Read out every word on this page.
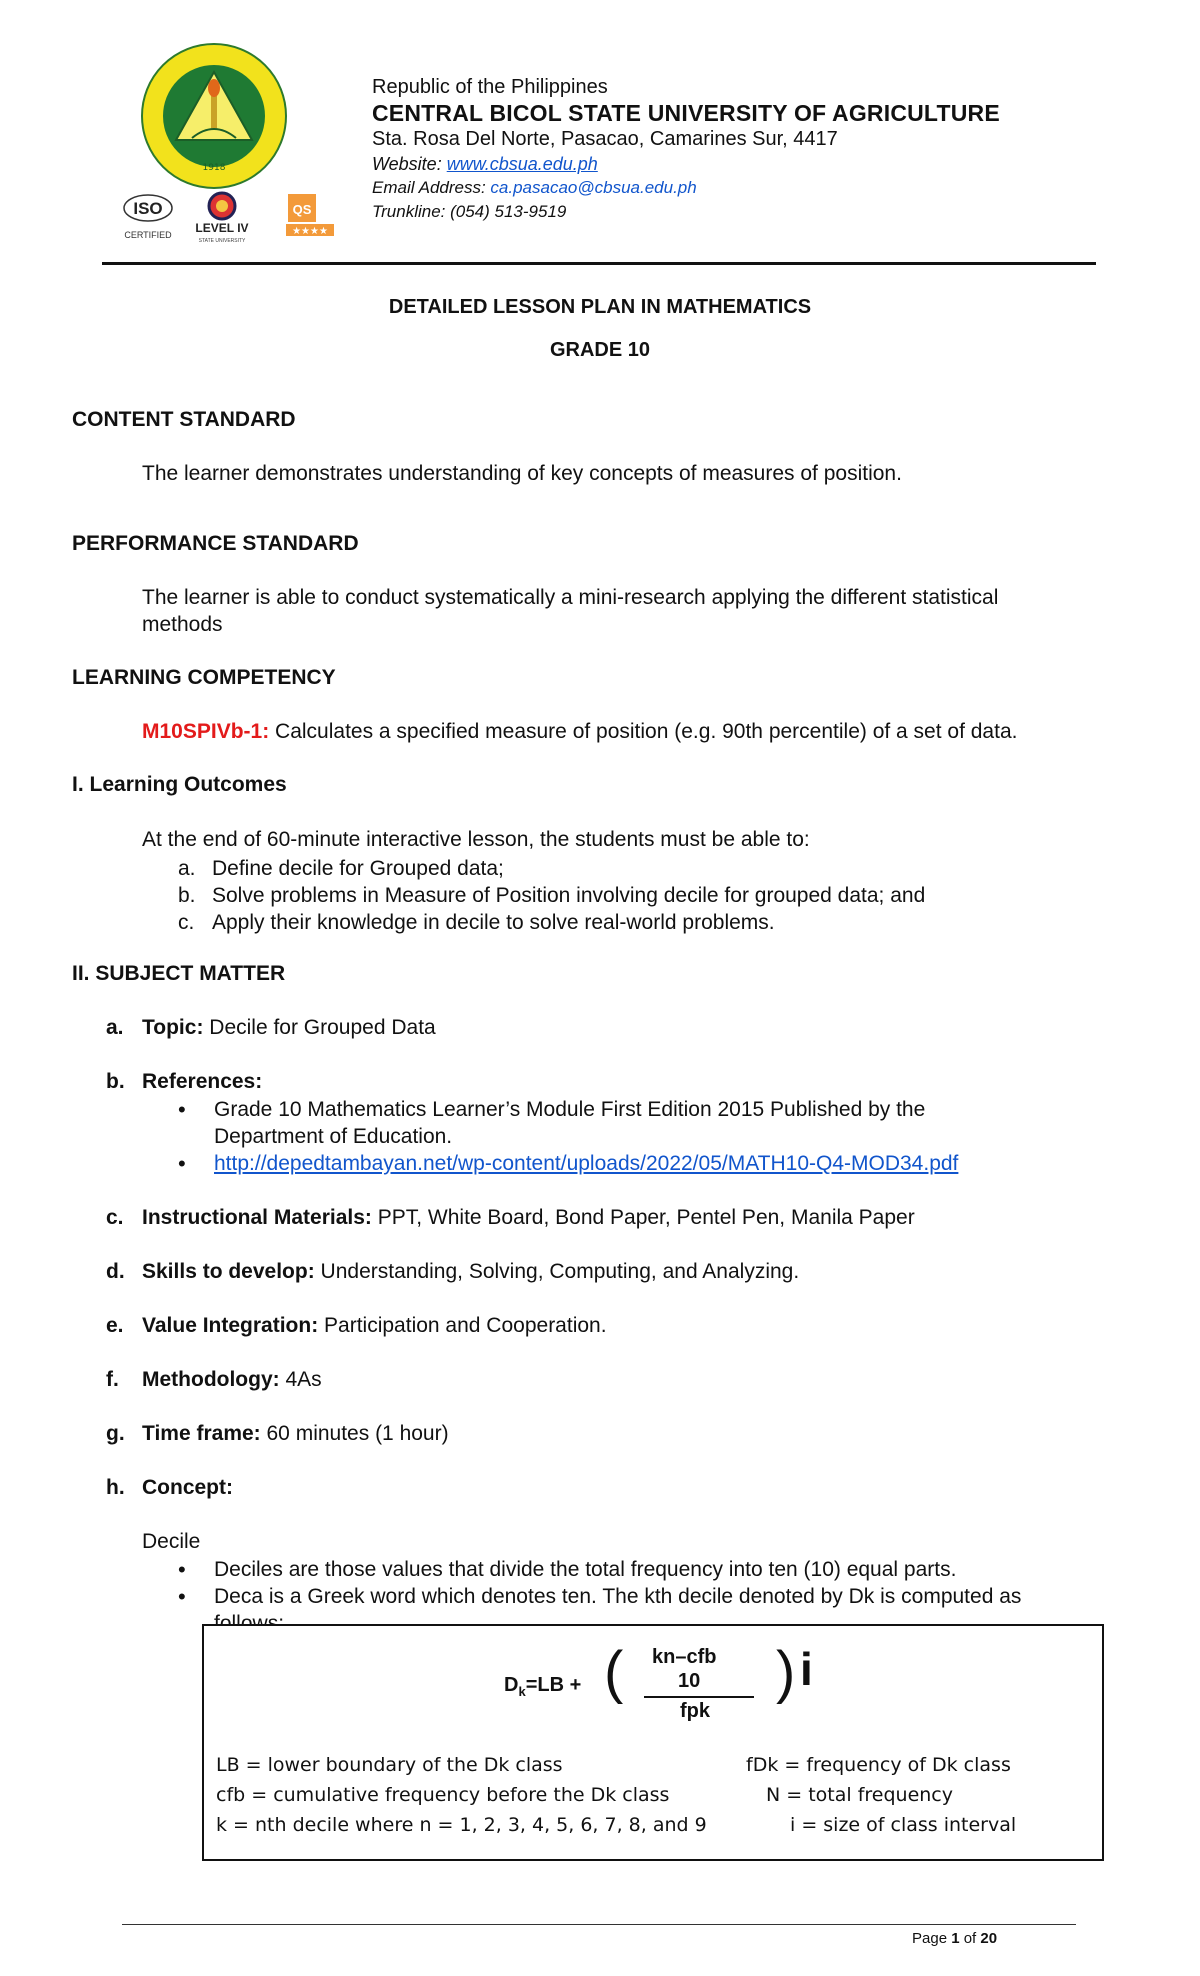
1918
ISO
CERTIFIED LEVEL IV
STATE UNIVERSITY
QS
★★★★
Republic of the Philippines
CENTRAL BICOL STATE UNIVERSITY OF AGRICULTURE
Sta. Rosa Del Norte, Pasacao, Camarines Sur, 4417
Website: www.cbsua.edu.ph
Email Address: ca.pasacao@cbsua.edu.ph
Trunkline: (054) 513-9519
DETAILED LESSON PLAN IN MATHEMATICS
GRADE 10
CONTENT STANDARD
The learner demonstrates understanding of key concepts of measures of position.
PERFORMANCE STANDARD
The learner is able to conduct systematically a mini-research applying the different statistical
methods
LEARNING COMPETENCY
M10SPIVb-1: Calculates a specified measure of position (e.g. 90th percentile) of a set of data.
I. Learning Outcomes
At the end of 60-minute interactive lesson, the students must be able to:
a. Define decile for Grouped data;
b. Solve problems in Measure of Position involving decile for grouped data; and
c. Apply their knowledge in decile to solve real-world problems.
II. SUBJECT MATTER
a. Topic: Decile for Grouped Data
b. References:
• Grade 10 Mathematics Learner’s Module First Edition 2015 Published by the
Department of Education.
• http://depedtambayan.net/wp-content/uploads/2022/05/MATH10-Q4-MOD34.pdf
c. Instructional Materials: PPT, White Board, Bond Paper, Pentel Pen, Manila Paper
d. Skills to develop: Understanding, Solving, Computing, and Analyzing.
e. Value Integration: Participation and Cooperation.
f. Methodology: 4As
g. Time frame: 60 minutes (1 hour)
h. Concept:
Decile
• Deciles are those values that divide the total frequency into ten (10) equal parts.
• Deca is a Greek word which denotes ten. The kth decile denoted by Dk is computed as

$D_k=LB$ + ( kn–cfb
10
fpk
) i
LB = lower boundary of the Dk class
cfb = cumulative frequency before the Dk class
k = nth decile where n = 1, 2, 3, 4, 5, 6, 7, 8, and 9
fDk = frequency of Dk class
N = total frequency
i = size of class interval
Page 1 of 20
